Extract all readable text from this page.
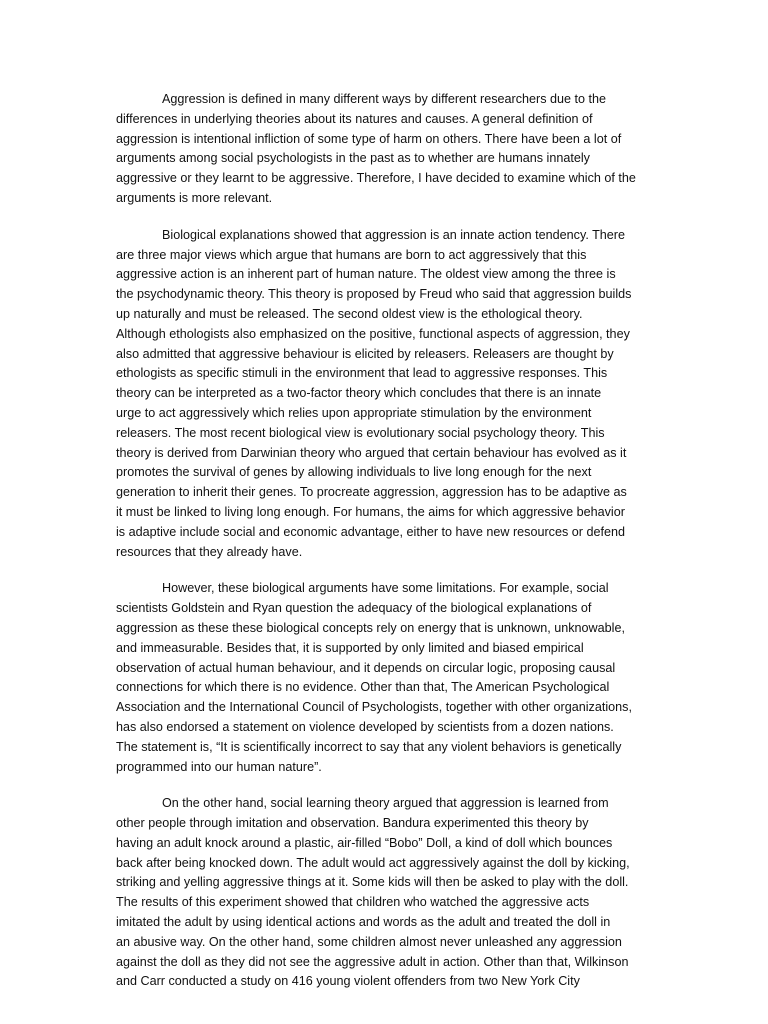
Aggression is defined in many different ways by different researchers due to the
differences in underlying theories about its natures and causes. A general definition of
aggression is intentional infliction of some type of harm on others. There have been a lot of
arguments among social psychologists in the past as to whether are humans innately
aggressive or they learnt to be aggressive. Therefore, I have decided to examine which of the
arguments is more relevant.
Biological explanations showed that aggression is an innate action tendency. There
are three major views which argue that humans are born to act aggressively that this
aggressive action is an inherent part of human nature. The oldest view among the three is
the psychodynamic theory. This theory is proposed by Freud who said that aggression builds
up naturally and must be released. The second oldest view is the ethological theory.
Although ethologists also emphasized on the positive, functional aspects of aggression, they
also admitted that aggressive behaviour is elicited by releasers. Releasers are thought by
ethologists as specific stimuli in the environment that lead to aggressive responses. This
theory can be interpreted as a two-factor theory which concludes that there is an innate
urge to act aggressively which relies upon appropriate stimulation by the environment
releasers. The most recent biological view is evolutionary social psychology theory. This
theory is derived from Darwinian theory who argued that certain behaviour has evolved as it
promotes the survival of genes by allowing individuals to live long enough for the next
generation to inherit their genes. To procreate aggression, aggression has to be adaptive as
it must be linked to living long enough. For humans, the aims for which aggressive behavior
is adaptive include social and economic advantage, either to have new resources or defend
resources that they already have.
However, these biological arguments have some limitations. For example, social
scientists Goldstein and Ryan question the adequacy of the biological explanations of
aggression as these these biological concepts rely on energy that is unknown, unknowable,
and immeasurable. Besides that, it is supported by only limited and biased empirical
observation of actual human behaviour, and it depends on circular logic, proposing causal
connections for which there is no evidence. Other than that, The American Psychological
Association and the International Council of Psychologists, together with other organizations,
has also endorsed a statement on violence developed by scientists from a dozen nations.
The statement is, “It is scientifically incorrect to say that any violent behaviors is genetically
programmed into our human nature”.
On the other hand, social learning theory argued that aggression is learned from
other people through imitation and observation. Bandura experimented this theory by
having an adult knock around a plastic, air-filled “Bobo” Doll, a kind of doll which bounces
back after being knocked down. The adult would act aggressively against the doll by kicking,
striking and yelling aggressive things at it. Some kids will then be asked to play with the doll.
The results of this experiment showed that children who watched the aggressive acts
imitated the adult by using identical actions and words as the adult and treated the doll in
an abusive way. On the other hand, some children almost never unleashed any aggression
against the doll as they did not see the aggressive adult in action. Other than that, Wilkinson
and Carr conducted a study on 416 young violent offenders from two New York City
